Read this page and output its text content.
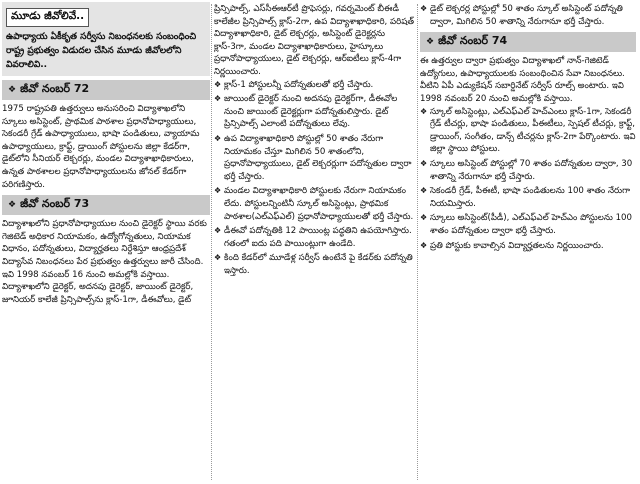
మూడు జీవోలివే..
ఉపాధ్యాయ ఏకీకృత సర్వీసు నిబంధనలకు సంబంధించి రాష్ట్ర ప్రభుత్వం విడుదల చేసిన మూడు జీవోలలోని వివరాలివి..
❖ జీవో నంబర్ 72
1975 రాష్ట్రపతి ఉత్తర్వులు అనుసరించి విద్యాశాఖలోని స్కూలు అసిస్టెంట్, ప్రాథమిక పాఠశాల ప్రధానోపాధ్యాయులు, సెకండరీ గ్రేడ్ ఉపాధ్యాయులు, భాషా పండితులు, వ్యాయామ ఉపాధ్యాయులు, క్రాఫ్ట్, డ్రాయింగ్ పోస్టులను జిల్లా కేడర్‌గా, డైట్‌లోని సీనియర్ లెక్చరర్లు, మండల విద్యాశాఖాధికారులు, ఉన్నత పాఠశాలల ప్రధానోపాధ్యాయులను జోనల్ కేడర్‌గా పరిగణిస్తారు.
❖ జీవో నంబర్ 73
విద్యాశాఖలోని ప్రధానోపాధ్యాయుల నుంచి డైరెక్టర్ స్థాయి వరకు గెజిటెడ్ అధికార నియామకం, ఉద్యోగోన్నతులు, నియామక విధానం, పదోన్నతులు, విద్యార్హతలు నిర్దేశిస్తూ ఆంధ్రప్రదేశ్ విద్యాసేవ నిబంధనలు పేర ప్రభుత్వం ఉత్తర్వులు జారీ చేసింది. ఇవి 1998 నవంబర్ 16 నుంచి అమల్లోకి వస్తాయి. విద్యాశాఖలోని డైరెక్టర్, అదనపు డైరెక్టర్, జాయింట్ డైరెక్టర్, జూనియర్ కాలేజీ ప్రిన్సిపాల్స్‌ను క్లాస్-1గా, డీఈవోలు, డైట్
ప్రిన్సిపాల్స్, ఎస్‌సీఈఆర్‌టీ ప్రొఫెసర్లు, గవర్నమెంట్ బీఈడీ కాలేజీల ప్రిన్సిపాల్స్ క్లాస్-2గా, ఉప విద్యాశాఖాధికారి, పరిషత్ విద్యాశాఖాధికారి, డైట్ లెక్చరర్లు, అసిస్టెంట్ డైరెక్టర్లను క్లాస్-3గా, మండల విద్యాశాఖాధికారులు, హైస్కూలు ప్రధానోపాధ్యాయులు, డైట్ లెక్చరర్లు, ఆర్‌ఐటీలు క్లాస్-4గా నిర్ణయించారు.
❖ క్లాస్-1 పోస్టులన్నీ పదోన్నతులతో భర్తీ చేస్తారు.
❖ జాయింట్ డైరెక్టర్ నుంచి అదనపు డైరెక్టర్‌గా, డీఈవోల నుంచి జాయింట్ డైరెక్టర్లుగా పదోన్నతులిస్తారు. డైట్ ప్రిన్సిపాల్స్ ఎలాంటి పదోన్నతులు లేవు.
❖ ఉప విద్యాశాఖాధికారి పోస్టుల్లో 50 శాతం నేరుగా నియామకం చేస్తూ మిగిలిన 50 శాతంలోని, ప్రధానోపాధ్యాయులు, డైట్ లెక్చరర్లుగా పదోన్నతుల ద్వారా భర్తీ చేస్తారు.
❖ మండల విద్యాశాఖాధికారి పోస్టులకు నేరుగా నియామకం లేదు. పోస్టులన్నింటినీ స్కూల్ అసిస్టెంట్లు, ప్రాథమిక పాఠశాల(ఎల్‌ఎఫ్‌ఎల్) ప్రధానోపాధ్యాయులతో భర్తీ చేస్తారు.
❖ డీఈవో పదోన్నతికి 12 పాయింట్ల పద్ధతిని ఉపయోగిస్తారు. గతంలో ఐదు పది పాయింట్లుగా ఉండేది.
❖ కింది కేడర్‌లో మూడేళ్ల సర్వీస్ ఉంటేనే పై కేడర్‌కు పదోన్నతి ఇస్తారు.
❖ డైట్ లెక్చరర్ల పోస్టుల్లో 50 శాతం స్కూల్ అసిస్టెంట్ పదోన్నతి ద్వారా, మిగిలిన 50 శాతాన్ని నేరుగానూ భర్తీ చేస్తారు.
❖ జీవో నంబర్ 74
ఈ ఉత్తర్వుల ద్వారా ప్రభుత్వం విద్యాశాఖలో నాన్-గెజిటెడ్ ఉద్యోగులు, ఉపాధ్యాయులకు సంబంధించిన సేవా నిబంధనలు. వీటిని ఏపీ ఎడ్యుకేషన్ సబార్డినేట్ సర్వీస్ రూల్స్ అంటారు. ఇవి 1998 నవంబర్ 20 నుంచి అమల్లోకి వస్తాయి.
❖ స్కూల్ అసిస్టెంట్లు, ఎల్‌ఎఫ్‌ఎల్ హెచ్‌ఎంలు క్లాస్-1గా, సెకండరీ గ్రేడ్ టీచర్లు, భాషా పండితులు, పీఈటీలు, స్పెషల్ టీచర్లు, క్రాఫ్ట్, డ్రాయింగ్, సంగీతం, డాన్స్ టీచర్లను క్లాస్-2గా పేర్కొంటారు. ఇవి జిల్లా స్థాయి పోస్టులు.
❖ స్కూలు అసిస్టెంట్ పోస్టుల్లో 70 శాతం పదోన్నతుల ద్వారా, 30 శాతాన్ని నేరుగానూ భర్తీ చేస్తారు.
❖ సెకండరీ గ్రేడ్, పీఈటీ, భాషా పండితులను 100 శాతం నేరుగా నియమిస్తారు.
❖ స్కూలు అసిస్టెంట్(పీడీ), ఎల్‌ఎఫ్‌ఎల్ హెచ్‌ఎం పోస్టులను 100 శాతం పదోన్నతుల ద్వారా భర్తీ చేస్తారు.
❖ ప్రతి పోస్టుకు కావాల్సిన విద్యార్హతలను నిర్ణయించారు.
